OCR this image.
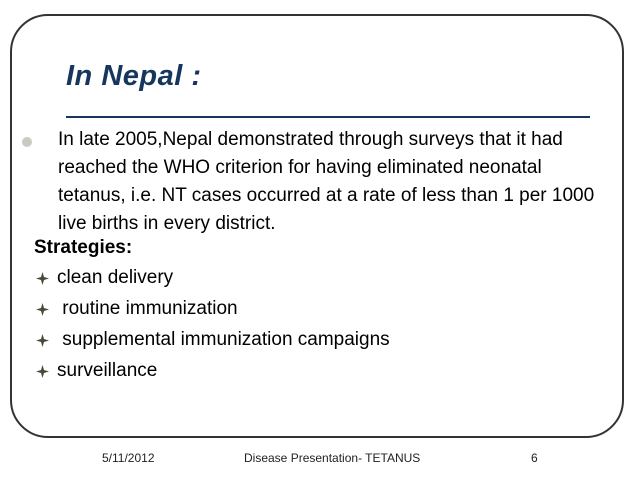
In Nepal :
In late 2005,Nepal demonstrated through surveys that it had reached the WHO criterion for having eliminated neonatal tetanus, i.e. NT cases occurred at a rate of less than 1 per 1000 live births in every district.
Strategies:
clean delivery
routine immunization
supplemental immunization campaigns
surveillance
5/11/2012	Disease Presentation- TETANUS	6
